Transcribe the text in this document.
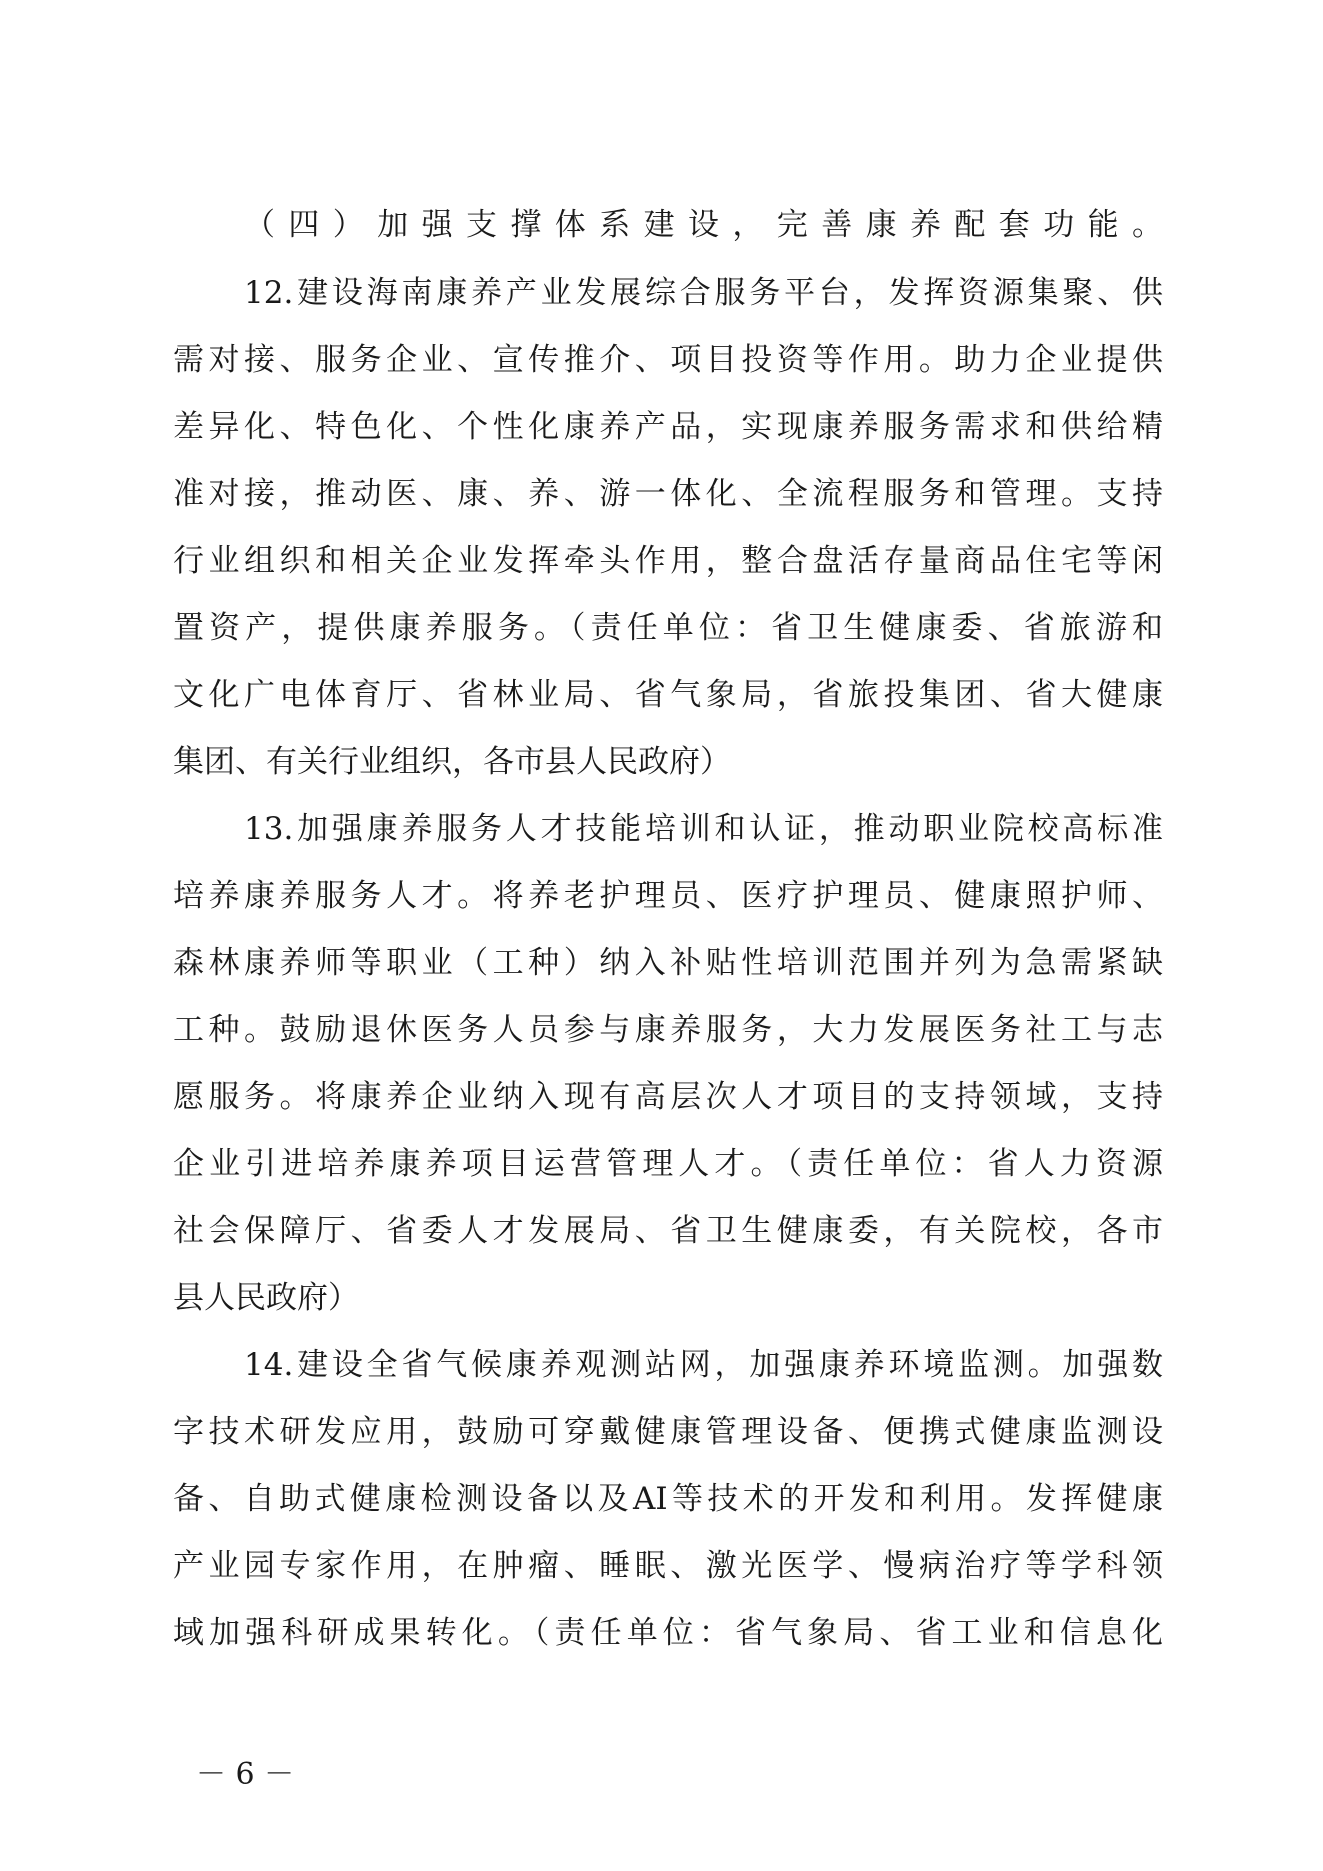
（四）加强支撑体系建设，完善康养配套功能。
12.建设海南康养产业发展综合服务平台，发挥资源集聚、供
需对接、服务企业、宣传推介、项目投资等作用。助力企业提供
差异化、特色化、个性化康养产品，实现康养服务需求和供给精
准对接，推动医、康、养、游一体化、全流程服务和管理。支持
行业组织和相关企业发挥牵头作用，整合盘活存量商品住宅等闲
置资产，提供康养服务。（责任单位：省卫生健康委、省旅游和
文化广电体育厅、省林业局、省气象局，省旅投集团、省大健康
集团、有关行业组织，各市县人民政府）
13.加强康养服务人才技能培训和认证，推动职业院校高标准
培养康养服务人才。将养老护理员、医疗护理员、健康照护师、
森林康养师等职业（工种）纳入补贴性培训范围并列为急需紧缺
工种。鼓励退休医务人员参与康养服务，大力发展医务社工与志
愿服务。将康养企业纳入现有高层次人才项目的支持领域，支持
企业引进培养康养项目运营管理人才。（责任单位：省人力资源
社会保障厅、省委人才发展局、省卫生健康委，有关院校，各市
县人民政府）
14.建设全省气候康养观测站网，加强康养环境监测。加强数
字技术研发应用，鼓励可穿戴健康管理设备、便携式健康监测设
备、自助式健康检测设备以及AI等技术的开发和利用。发挥健康
产业园专家作用，在肿瘤、睡眠、激光医学、慢病治疗等学科领
域加强科研成果转化。（责任单位：省气象局、省工业和信息化
－ 6 －
